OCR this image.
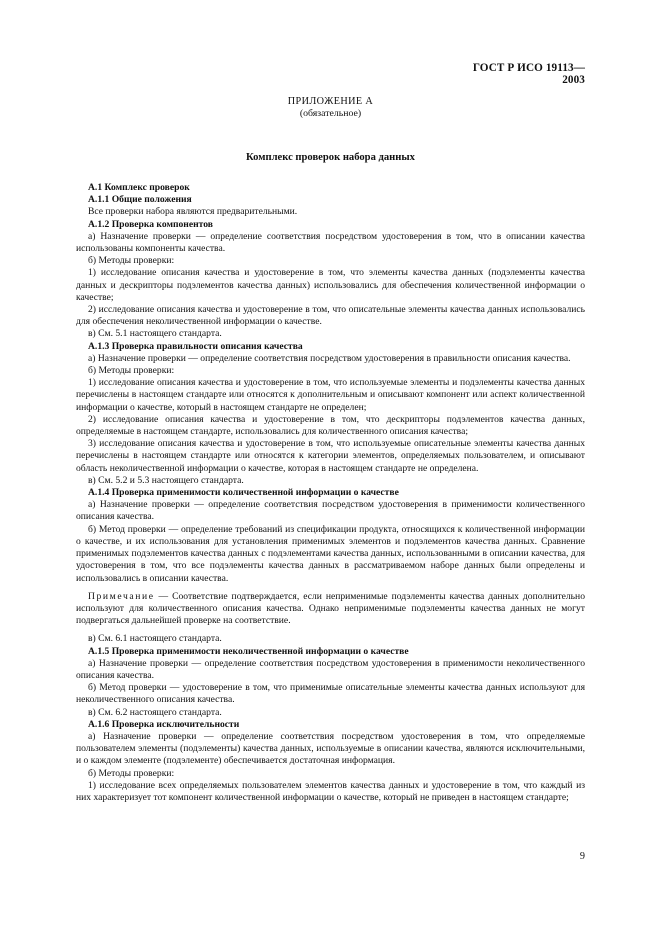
ГОСТ Р ИСО 19113—2003
ПРИЛОЖЕНИЕ А
(обязательное)
Комплекс проверок набора данных

А.1 Комплекс проверок

А.1.1 Общие положения

Все проверки набора являются предварительными.

А.1.2 Проверка компонентов

а) Назначение проверки — определение соответствия посредством удостоверения в том, что в описании качества использованы компоненты качества.

б) Методы проверки:

1) исследование описания качества и удостоверение в том, что элементы качества данных (подэлементы качества данных и дескрипторы подэлементов качества данных) использовались для обеспечения количественной информации о качестве;

2) исследование описания качества и удостоверение в том, что описательные элементы качества данных использовались для обеспечения неколичественной информации о качестве.

в) См. 5.1 настоящего стандарта.

А.1.3 Проверка правильности описания качества

а) Назначение проверки — определение соответствия посредством удостоверения в правильности описания качества.

б) Методы проверки:

1) исследование описания качества и удостоверение в том, что используемые элементы и подэлементы качества данных перечислены в настоящем стандарте или относятся к дополнительным и описывают компонент или аспект количественной информации о качестве, который в настоящем стандарте не определен;

2) исследование описания качества и удостоверение в том, что дескрипторы подэлементов качества данных, определяемые в настоящем стандарте, использовались для количественного описания качества;

3) исследование описания качества и удостоверение в том, что используемые описательные элементы качества данных перечислены в настоящем стандарте или относятся к категории элементов, определяемых пользователем, и описывают область неколичественной информации о качестве, которая в настоящем стандарте не определена.

в) См. 5.2 и 5.3 настоящего стандарта.

А.1.4 Проверка применимости количественной информации о качестве

а) Назначение проверки — определение соответствия посредством удостоверения в применимости количественного описания качества.

б) Метод проверки — определение требований из спецификации продукта, относящихся к количественной информации о качестве, и их использования для установления применимых элементов и подэлементов качества данных. Сравнение применимых подэлементов качества данных с подэлементами качества данных, использованными в описании качества, для удостоверения в том, что все подэлементы качества данных в рассматриваемом наборе данных были определены и использовались в описании качества.

Примечание — Соответствие подтверждается, если неприменимые подэлементы качества данных дополнительно используют для количественного описания качества. Однако неприменимые подэлементы качества данных не могут подвергаться дальнейшей проверке на соответствие.

в) См. 6.1 настоящего стандарта.

А.1.5 Проверка применимости неколичественной информации о качестве

а) Назначение проверки — определение соответствия посредством удостоверения в применимости неколичественного описания качества.

б) Метод проверки — удостоверение в том, что применимые описательные элементы качества данных используют для неколичественного описания качества.

в) См. 6.2 настоящего стандарта.

А.1.6 Проверка исключительности

а) Назначение проверки — определение соответствия посредством удостоверения в том, что определяемые пользователем элементы (подэлементы) качества данных, используемые в описании качества, являются исключительными, и о каждом элементе (подэлементе) обеспечивается достаточная информация.

б) Методы проверки:

1) исследование всех определяемых пользователем элементов качества данных и удостоверение в том, что каждый из них характеризует тот компонент количественной информации о качестве, который не приведен в настоящем стандарте;

9
